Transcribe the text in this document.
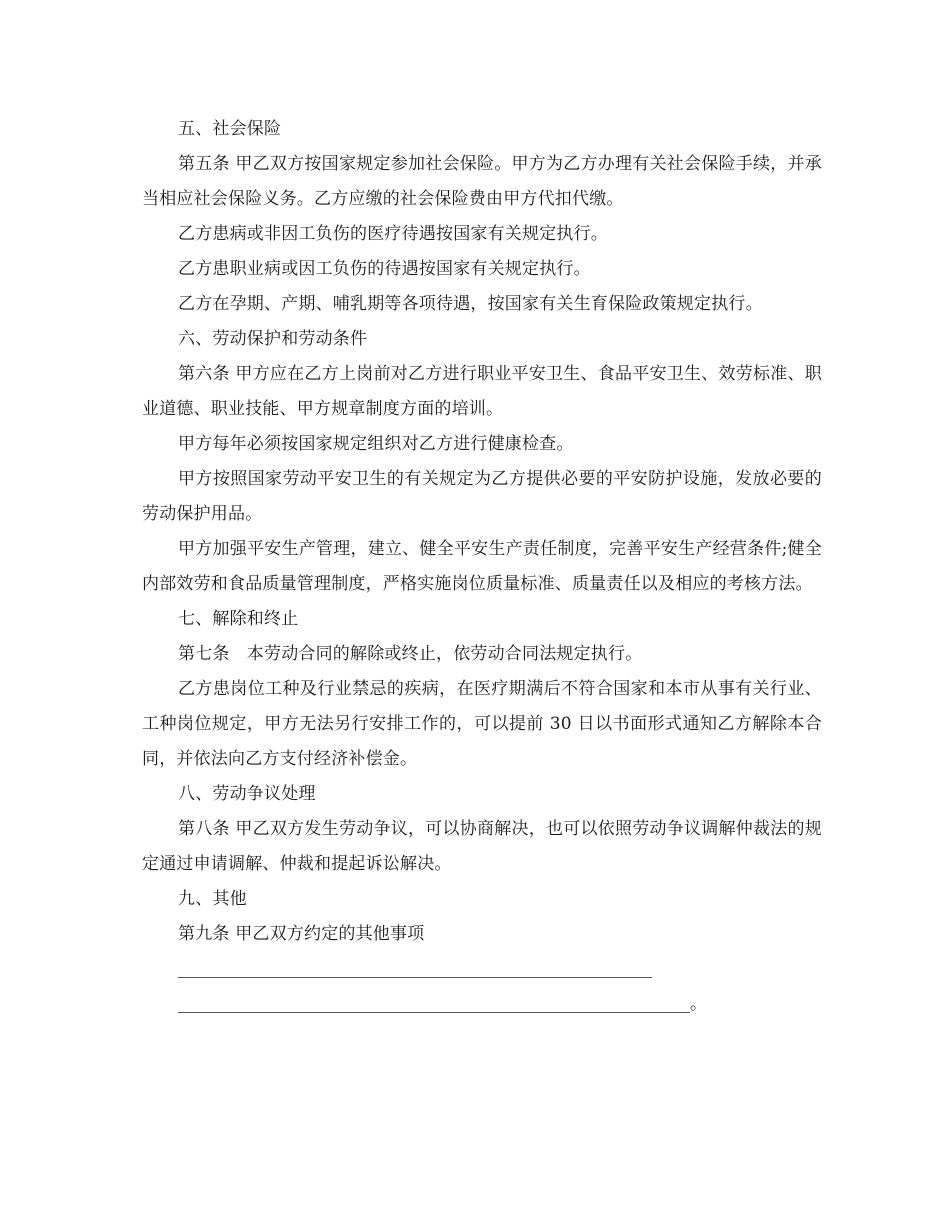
五、社会保险

第五条 甲乙双方按国家规定参加社会保险。甲方为乙方办理有关社会保险手续，并承当相应社会保险义务。乙方应缴的社会保险费由甲方代扣代缴。

乙方患病或非因工负伤的医疗待遇按国家有关规定执行。

乙方患职业病或因工负伤的待遇按国家有关规定执行。

乙方在孕期、产期、哺乳期等各项待遇，按国家有关生育保险政策规定执行。

六、劳动保护和劳动条件

第六条 甲方应在乙方上岗前对乙方进行职业平安卫生、食品平安卫生、效劳标准、职业道德、职业技能、甲方规章制度方面的培训。

甲方每年必须按国家规定组织对乙方进行健康检查。

甲方按照国家劳动平安卫生的有关规定为乙方提供必要的平安防护设施，发放必要的劳动保护用品。

甲方加强平安生产管理，建立、健全平安生产责任制度，完善平安生产经营条件;健全内部效劳和食品质量管理制度，严格实施岗位质量标准、质量责任以及相应的考核方法。

七、解除和终止

第七条　本劳动合同的解除或终止，依劳动合同法规定执行。

乙方患岗位工种及行业禁忌的疾病，在医疗期满后不符合国家和本市从事有关行业、工种岗位规定，甲方无法另行安排工作的，可以提前 30 日以书面形式通知乙方解除本合同，并依法向乙方支付经济补偿金。

八、劳动争议处理

第八条 甲乙双方发生劳动争议，可以协商解决，也可以依照劳动争议调解仲裁法的规定通过申请调解、仲裁和提起诉讼解决。

九、其他

第九条 甲乙双方约定的其他事项

。
